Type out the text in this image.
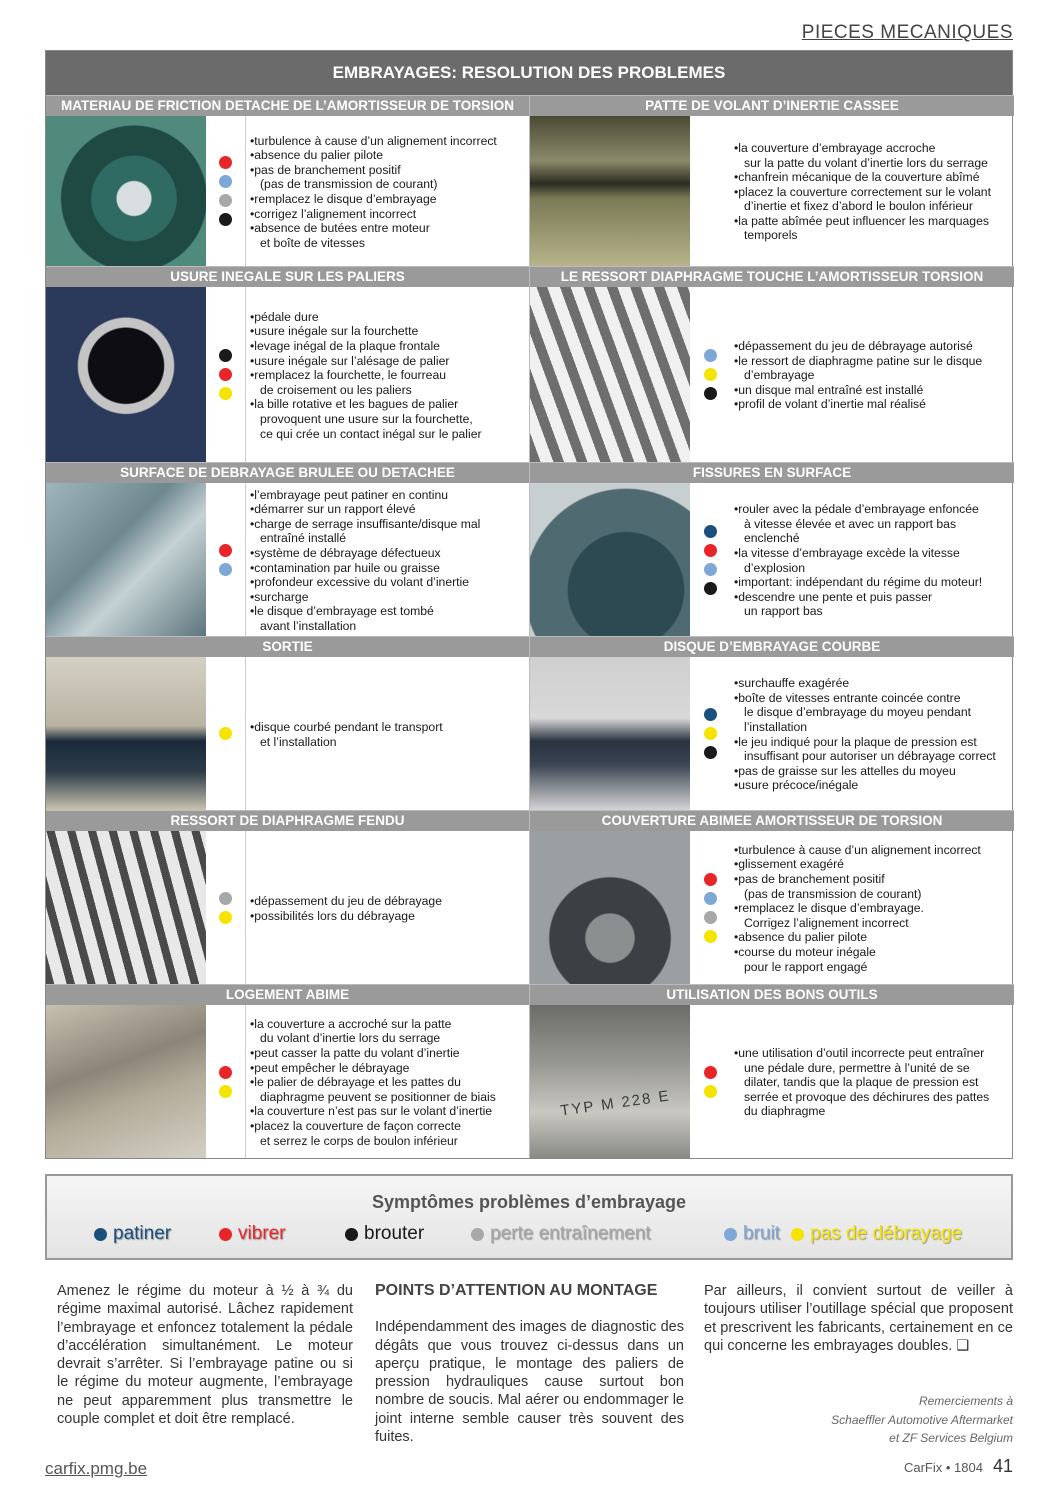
PIECES MECANIQUES
EMBRAYAGES: RESOLUTION DES PROBLEMES
MATERIAU DE FRICTION DETACHE DE L’AMORTISSEUR DE TORSION
• turbulence à cause d’un alignement incorrect
• absence du palier pilote
• pas de branchement positif
(pas de transmission de courant)
• remplacez le disque d’embrayage
• corrigez l’alignement incorrect
• absence de butées entre moteur
et boîte de vitesses
PATTE DE VOLANT D’INERTIE CASSEE
• la couverture d’embrayage accroche
sur la patte du volant d’inertie lors du serrage
• chanfrein mécanique de la couverture abîmé
• placez la couverture correctement sur le volant
d’inertie et fixez d’abord le boulon inférieur
• la patte abîmée peut influencer les marquages
temporels
USURE INEGALE SUR LES PALIERS
• pédale dure
• usure inégale sur la fourchette
• levage inégal de la plaque frontale
• usure inégale sur l’alésage de palier
• remplacez la fourchette, le fourreau
de croisement ou les paliers
• la bille rotative et les bagues de palier
provoquent une usure sur la fourchette,
ce qui crée un contact inégal sur le palier
LE RESSORT DIAPHRAGME TOUCHE L’AMORTISSEUR TORSION
• dépassement du jeu de débrayage autorisé
• le ressort de diaphragme patine sur le disque
d’embrayage
• un disque mal entraîné est installé
• profil de volant d’inertie mal réalisé
SURFACE DE DEBRAYAGE BRULEE OU DETACHEE
• l’embrayage peut patiner en continu
• démarrer sur un rapport élevé
• charge de serrage insuffisante/disque mal
entraîné installé
• système de débrayage défectueux
• contamination par huile ou graisse
• profondeur excessive du volant d’inertie
• surcharge
• le disque d’embrayage est tombé
avant l’installation
FISSURES EN SURFACE
• rouler avec la pédale d’embrayage enfoncée
à vitesse élevée et avec un rapport bas
enclenché
• la vitesse d’embrayage excède la vitesse
d’explosion
• important: indépendant du régime du moteur!
• descendre une pente et puis passer
un rapport bas
SORTIE
• disque courbé pendant le transport
et l’installation
DISQUE D’EMBRAYAGE COURBE
• surchauffe exagérée
• boîte de vitesses entrante coincée contre
le disque d’embrayage du moyeu pendant
l’installation
• le jeu indiqué pour la plaque de pression est
insuffisant pour autoriser un débrayage correct
• pas de graisse sur les attelles du moyeu
• usure précoce/inégale
RESSORT DE DIAPHRAGME FENDU
• dépassement du jeu de débrayage
• possibilités lors du débrayage
COUVERTURE ABIMEE AMORTISSEUR DE TORSION
• turbulence à cause d’un alignement incorrect
• glissement exagéré
• pas de branchement positif
(pas de transmission de courant)
• remplacez le disque d’embrayage.
Corrigez l’alignement incorrect
• absence du palier pilote
• course du moteur inégale
pour le rapport engagé
LOGEMENT ABIME
• la couverture a accroché sur la patte
du volant d’inertie lors du serrage
• peut casser la patte du volant d’inertie
• peut empêcher le débrayage
• le palier de débrayage et les pattes du
diaphragme peuvent se positionner de biais
• la couverture n’est pas sur le volant d’inertie
• placez la couverture de façon correcte
et serrez le corps de boulon inférieur
UTILISATION DES BONS OUTILS
TYP M 228 E
• une utilisation d’outil incorrecte peut entraîner
une pédale dure, permettre à l’unité de se
dilater, tandis que la plaque de pression est
serrée et provoque des déchirures des pattes
du diaphragme
Symptômes problèmes d’embrayage
patiner	vibrer	brouter	perte entraînement	bruit pas de débrayage

Amenez le régime du moteur à ½ à ¾ du régime maximal autorisé. Lâchez rapidement l’embrayage et enfoncez totalement la pédale d’accélération simultanément. Le moteur devrait s’arrêter. Si l’embrayage patine ou si le régime du moteur augmente, l’embrayage ne peut apparemment plus transmettre le couple complet et doit être remplacé.

POINTS D’ATTENTION AU MONTAGE

Indépendamment des images de diagnostic des dégâts que vous trouvez ci-dessus dans un aperçu pratique, le montage des paliers de pression hydrauliques cause surtout bon nombre de soucis. Mal aérer ou endommager le joint interne semble causer très souvent des fuites.

Par ailleurs, il convient surtout de veiller à toujours utiliser l’outillage spécial que proposent et prescrivent les fabricants, certainement en ce qui concerne les embrayages doubles. ❑

Remerciements à
Schaeffler Automotive Aftermarket
et ZF Services Belgium
carfix.pmg.be	CarFix • 1804 41
